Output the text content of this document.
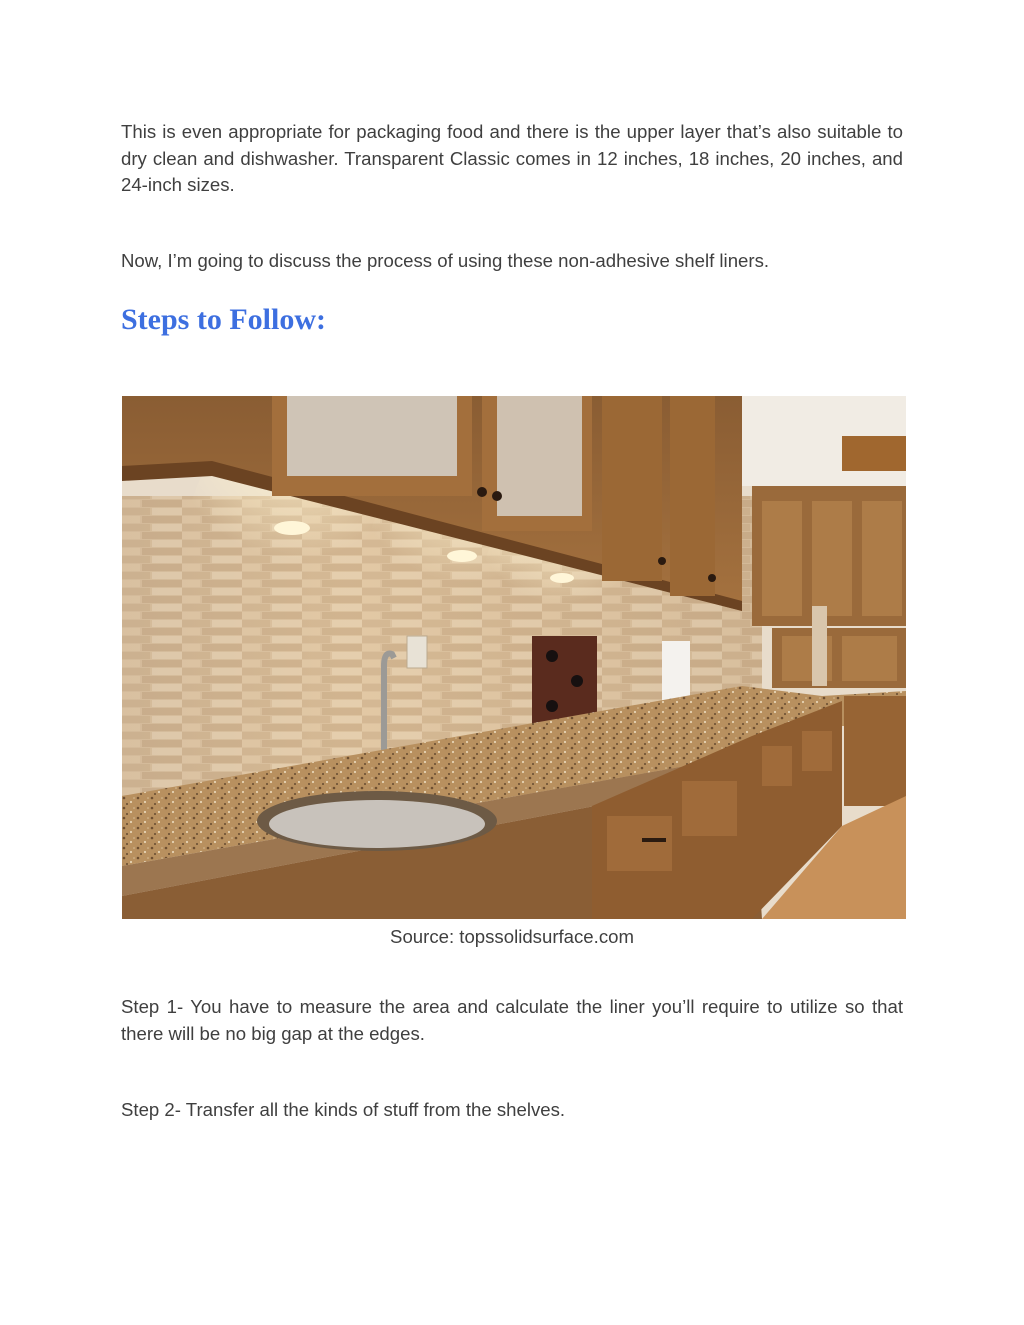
This is even appropriate for packaging food and there is the upper layer that’s also suitable to dry clean and dishwasher. Transparent Classic comes in 12 inches, 18 inches, 20 inches, and 24-inch sizes.

Now, I’m going to discuss the process of using these non-adhesive shelf liners.

Steps to Follow:

Source: topssolidsurface.com

Step 1- You have to measure the area and calculate the liner you’ll require to utilize so that there will be no big gap at the edges.

Step 2- Transfer all the kinds of stuff from the shelves.
